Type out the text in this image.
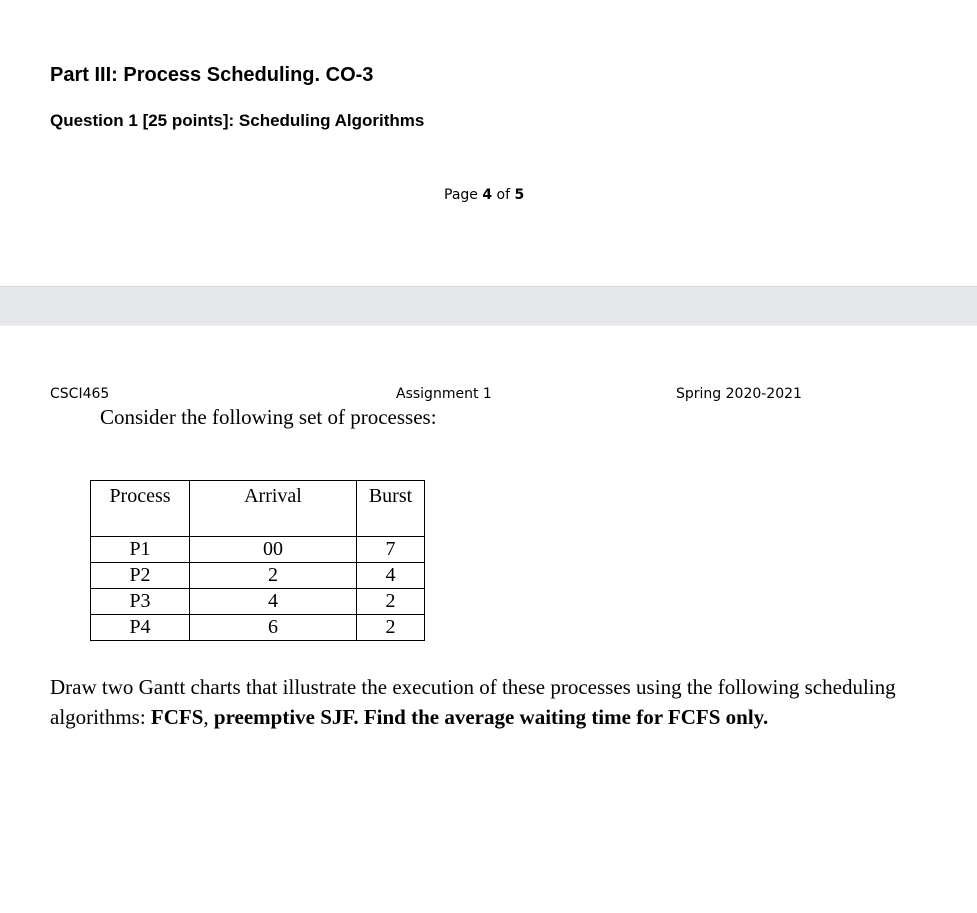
Part III: Process Scheduling. CO-3
Question 1 [25 points]: Scheduling Algorithms
Page 4 of 5
CSCI465	Assignment 1	Spring 2020-2021
Consider the following set of processes:
Process	Arrival	Burst
P1	00	7
P2	2	4
P3	4	2
P4	6	2
Draw two Gantt charts that illustrate the execution of these processes using the following scheduling algorithms: FCFS, preemptive SJF. Find the average waiting time for FCFS only.
